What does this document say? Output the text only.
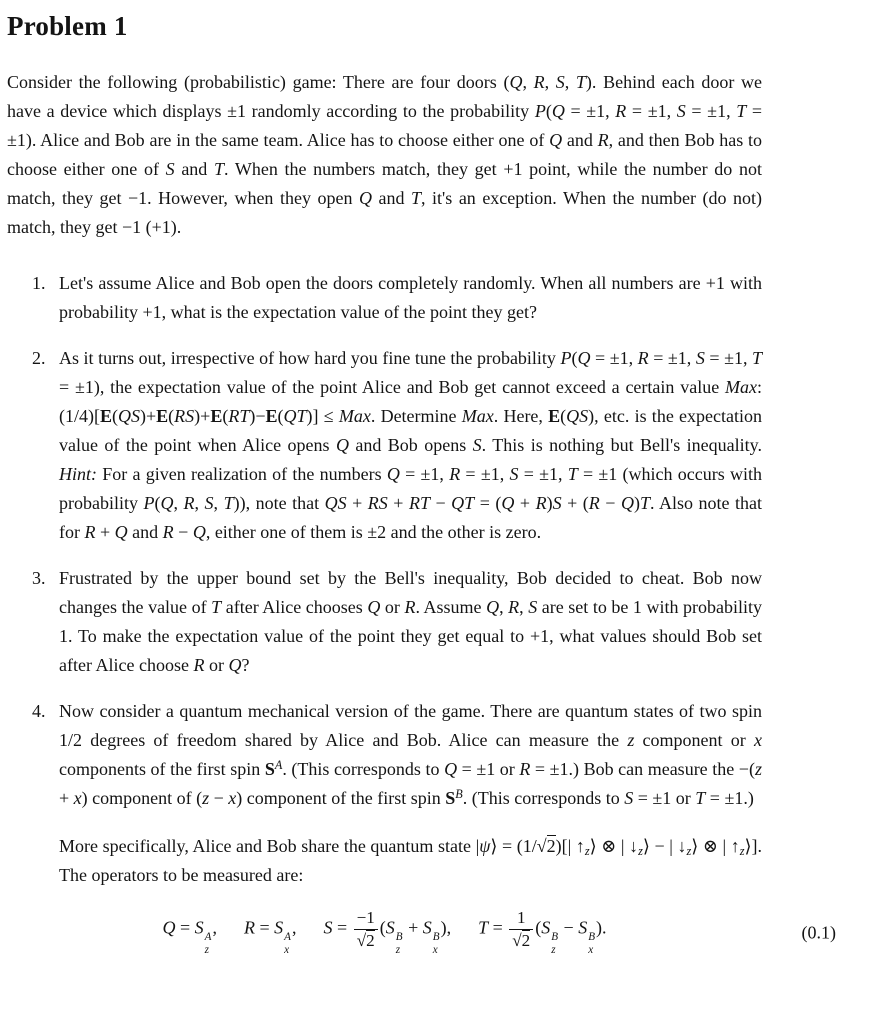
Problem 1

Consider the following (probabilistic) game: There are four doors (Q, R, S, T). Behind each door we have a device which displays ±1 randomly according to the probability P(Q = ±1, R = ±1, S = ±1, T = ±1). Alice and Bob are in the same team. Alice has to choose either one of Q and R, and then Bob has to choose either one of S and T. When the numbers match, they get +1 point, while the number do not match, they get −1. However, when they open Q and T, it's an exception. When the number (do not) match, they get −1 (+1).

1. Let's assume Alice and Bob open the doors completely randomly. When all numbers are +1 with probability +1, what is the expectation value of the point they get?
2. As it turns out, irrespective of how hard you fine tune the probability P(Q = ±1, R = ±1, S = ±1, T = ±1), the expectation value of the point Alice and Bob get cannot exceed a certain value Max: (1/4)[E(QS)+E(RS)+E(RT)−E(QT)] ≤ Max. Determine Max. Here, E(QS), etc. is the expectation value of the point when Alice opens Q and Bob opens S. This is nothing but Bell's inequality. Hint: For a given realization of the numbers Q = ±1, R = ±1, S = ±1, T = ±1 (which occurs with probability P(Q, R, S, T)), note that QS + RS + RT − QT = (Q + R)S + (R − Q)T. Also note that for R + Q and R − Q, either one of them is ±2 and the other is zero.
3. Frustrated by the upper bound set by the Bell's inequality, Bob decided to cheat. Bob now changes the value of T after Alice chooses Q or R. Assume Q, R, S are set to be 1 with probability 1. To make the expectation value of the point they get equal to +1, what values should Bob set after Alice choose R or Q?
4. Now consider a quantum mechanical version of the game. There are quantum states of two spin 1/2 degrees of freedom shared by Alice and Bob. Alice can measure the z component or x components of the first spin $S^A$. (This corresponds to Q = ±1 or R = ±1.) Bob can measure the −(z + x) component of (z − x) component of the first spin $S^B$. (This corresponds to S = ±1 or T = ±1.)

More specifically, Alice and Bob share the quantum state |ψ⟩ = (1/√2)[| $↑_z⟩$ ⊗ | $↓_z⟩$ − | $↓_z⟩$ ⊗ | $↑_z⟩$]. The operators to be measured are:

Q = S A
z
,  R = S A
x
,  $S = \frac{-1}{√2} (S$ B
z
+ S B
x
),  $T = \frac{1}{√2} (S$ B
z
− S B
x
).	(0.1)
